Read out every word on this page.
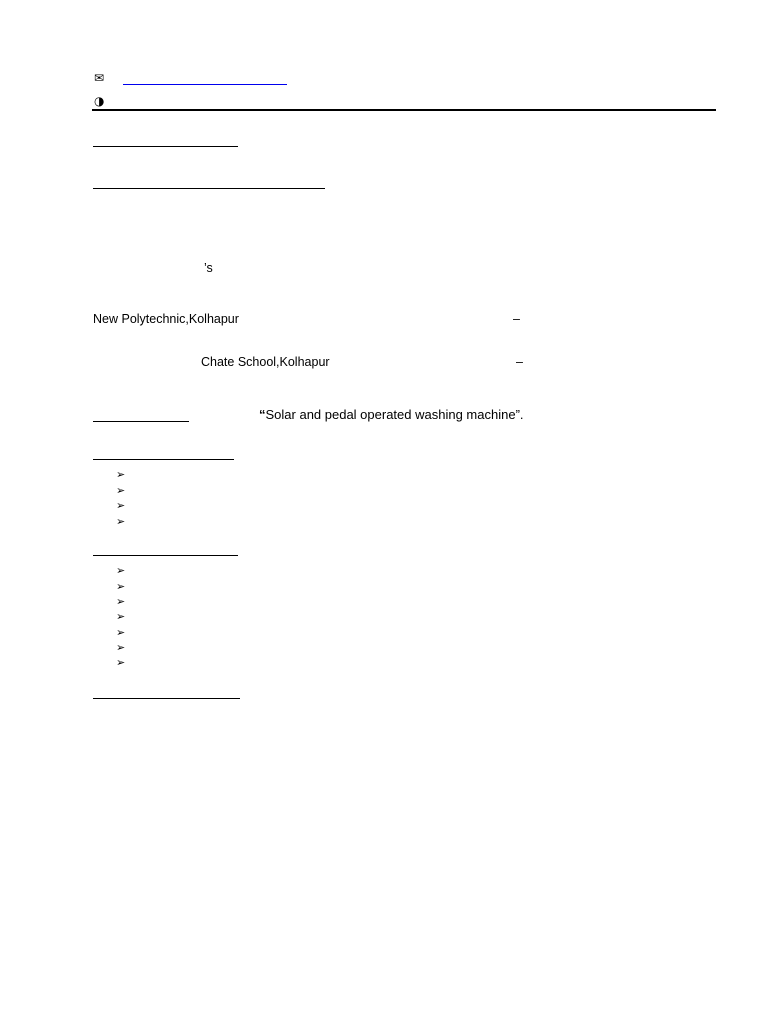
✉
◑
’s
New Polytechnic,Kolhapur	–
Chate School,Kolhapur	–
“Solar and pedal operated washing machine”.
➢
➢
➢
➢
➢
➢
➢
➢
➢
➢
➢
